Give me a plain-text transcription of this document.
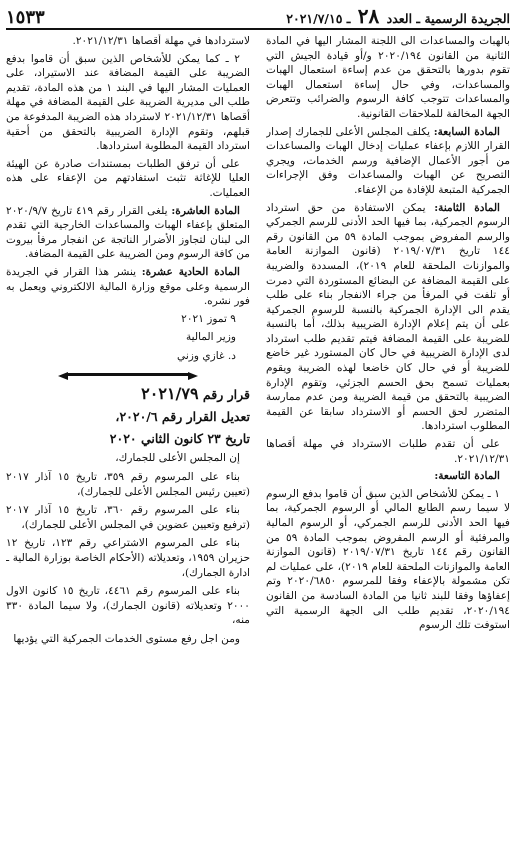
الجريدة الرسمية ـ العدد ٢٨ ـ ٢٠٢١/٧/١٥
١٥٣٣

بالهبات والمساعدات الى اللجنة المشار اليها في المادة الثانية من القانون ٢٠٢٠/١٩٤ و/أو قيادة الجيش التي تقوم بدورها بالتحقق من عدم إساءة استعمال الهبات والمساعدات، وفي حال إساءة استعمال الهبات والمساعدات تتوجب كافة الرسوم والضرائب وتتعرض الجهة المخالفة للملاحقات القانونية.

المادة السابعة: يكلف المجلس الأعلى للجمارك إصدار القرار اللازم بإعفاء عمليات إدخال الهبات والمساعدات من أجور الأعمال الإضافية ورسم الخدمات، ويجري التصريح عن الهبات والمساعدات وفق الإجراءات الجمركية المتبعة للإفادة من الإعفاء.

المادة الثامنة: يمكن الاستفادة من حق استرداد الرسوم الجمركية، بما فيها الحد الأدنى للرسم الجمركي والرسم المفروض بموجب المادة ٥٩ من القانون رقم ١٤٤ تاريخ ٢٠١٩/٠٧/٣١ (قانون الموازنة العامة والموازنات الملحقة للعام ٢٠١٩)، المسددة والضريبة على القيمة المضافة عن البضائع المستوردة التي دمرت أو تلفت في المرفأ من جراء الانفجار بناء على طلب يقدم الى الإدارة الجمركية بالنسبة للرسوم الجمركية على أن يتم إعلام الإدارة الضريبية بذلك، أما بالنسبة للضريبة على القيمة المضافة فيتم تقديم طلب استرداد لدى الإدارة الضريبية في حال كان المستورد غير خاضع للضريبة أو في حال كان خاضعا لهذه الضريبة ويقوم بعمليات تسمح بحق الحسم الجزئي، وتقوم الإدارة الضريبية بالتحقق من قيمة الضريبة ومن عدم ممارسة المتضرر لحق الحسم أو الاسترداد سابقا عن القيمة المطلوب استردادها.

على أن تقدم طلبات الاسترداد في مهلة أقصاها ٢٠٢١/١٢/٣١.

المادة التاسعة:

١ ـ يمكن للأشخاص الذين سبق أن قاموا بدفع الرسوم لا سيما رسم الطابع المالي أو الرسوم الجمركية، بما فيها الحد الأدنى للرسم الجمركي، أو الرسوم المالية والمرفئية أو الرسم المفروض بموجب المادة ٥٩ من القانون رقم ١٤٤ تاريخ ٢٠١٩/٠٧/٣١ (قانون الموازنة العامة والموازنات الملحقة للعام ٢٠١٩)، على عمليات لم تكن مشمولة بالإعفاء وفقا للمرسوم ٢٠٢٠/٦٨٥٠ وتم إعفاؤها وفقا للبند ثانيا من المادة السادسة من القانون ٢٠٢٠/١٩٤، تقديم طلب الى الجهة الرسمية التي استوفت تلك الرسوم

لاستردادها في مهلة أقصاها ٢٠٢١/١٢/٣١.

٢ ـ كما يمكن للأشخاص الذين سبق أن قاموا بدفع الضريبة على القيمة المضافة عند الاستيراد، على العمليات المشار اليها في البند ١ من هذه المادة، تقديم طلب الى مديرية الضريبة على القيمة المضافة في مهلة أقصاها ٢٠٢١/١٢/٣١ لاسترداد هذه الضريبة المدفوعة من قبلهم، وتقوم الإدارة الضريبية بالتحقق من أحقية استرداد القيمة المطلوبة استردادها.

على أن ترفق الطلبات بمستندات صادرة عن الهيئة العليا للإغاثة تثبت استفادتهم من الإعفاء على هذه العمليات.

المادة العاشرة: يلغى القرار رقم ٤١٩ تاريخ ٢٠٢٠/٩/٧ المتعلق بإعفاء الهبات والمساعدات الخارجية التي تقدم الى لبنان لتجاوز الأضرار الناتجة عن انفجار مرفأ بيروت من كافة الرسوم ومن الضريبة على القيمة المضافة.

المادة الحادية عشرة: ينشر هذا القرار في الجريدة الرسمية وعلى موقع وزارة المالية الالكتروني ويعمل به فور نشره.

٩ تموز ٢٠٢١

وزير المالية

د. غازي وزني

قرار رقم ٢٠٢١/٧٩

تعديل القرار رقم ٢٠٢٠/٦،

تاريخ ٢٣ كانون الثاني ٢٠٢٠

إن المجلس الأعلى للجمارك،

بناء على المرسوم رقم ٣٥٩، تاريخ ١٥ آذار ٢٠١٧ (تعيين رئيس المجلس الأعلى للجمارك)،

بناء على المرسوم رقم ٣٦٠، تاريخ ١٥ آذار ٢٠١٧ (ترفيع وتعيين عضوين في المجلس الأعلى للجمارك)،

بناء على المرسوم الاشتراعي رقم ١٢٣، تاريخ ١٢ حزيران ١٩٥٩، وتعديلاته (الأحكام الخاصة بوزارة المالية ـ ادارة الجمارك)،

بناء على المرسوم رقم ٤٤٦١، تاريخ ١٥ كانون الاول ٢٠٠٠ وتعديلاته (قانون الجمارك)، ولا سيما المادة ٣٣٠ منه،

ومن اجل رفع مستوى الخدمات الجمركية التي يؤديها
